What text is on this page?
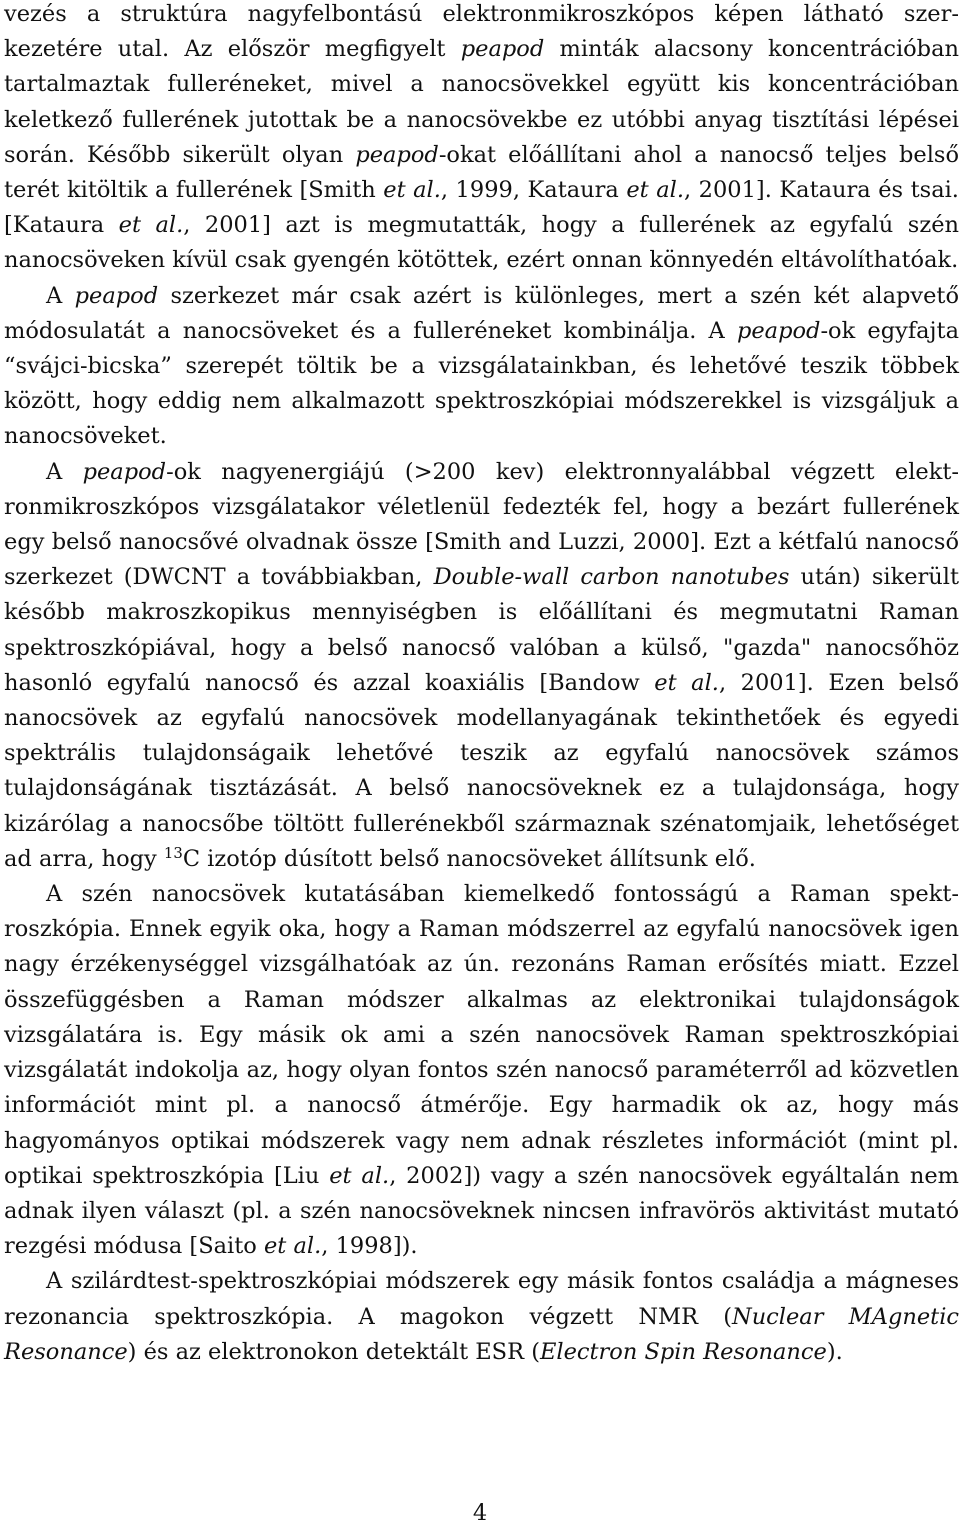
vezés a struktúra nagyfelbontású elektronmikroszkópos képen látható szerkezetére utal. Az először megfigyelt peapod minták alacsony koncentrációban tartalmaztak fulleréneket, mivel a nanocsövekkel együtt kis koncentrációban keletkező fullerének jutottak be a nanocsövekbe ez utóbbi anyag tisztítási lépései során. Később sikerült olyan peapod-okat előállítani ahol a nanocső teljes belső terét kitöltik a fullerének [Smith et al., 1999, Kataura et al., 2001]. Kataura és tsai. [Kataura et al., 2001] azt is megmutatták, hogy a fullerének az egyfalú szén nanocsöveken kívül csak gyengén kötöttek, ezért onnan könnyedén eltávolíthatóak.

A peapod szerkezet már csak azért is különleges, mert a szén két alapvető módosulatát a nanocsöveket és a fulleréneket kombinálja. A peapod-ok egyfajta “svájci-bicska” szerepét töltik be a vizsgálatainkban, és lehetővé teszik többek között, hogy eddig nem alkalmazott spektroszkópiai módszerekkel is vizsgáljuk a nanocsöveket.

A peapod-ok nagyenergiájú (>200 kev) elektronnyalábbal végzett elektronmikroszkópos vizsgálatakor véletlenül fedezték fel, hogy a bezárt fullerének egy belső nanocsővé olvadnak össze [Smith and Luzzi, 2000]. Ezt a kétfalú nanocső szerkezet (DWCNT a továbbiakban, Double-wall carbon nanotubes után) sikerült később makroszkopikus mennyiségben is előállítani és megmutatni Raman spektroszkópiával, hogy a belső nanocső valóban a külső, "gazda" nanocsőhöz hasonló egyfalú nanocső és azzal koaxiális [Bandow et al., 2001]. Ezen belső nanocsövek az egyfalú nanocsövek modellanyagának tekinthetőek és egyedi spektrális tulajdonságaik lehetővé teszik az egyfalú nanocsövek számos tulajdonságának tisztázását. A belső nanocsöveknek ez a tulajdonsága, hogy kizárólag a nanocsőbe töltött fullerénekből származnak szénatomjaik, lehetőséget ad arra, hogy $^{13}$C izotóp dúsított belső nanocsöveket állítsunk elő.

A szén nanocsövek kutatásában kiemelkedő fontosságú a Raman spektroszkópia. Ennek egyik oka, hogy a Raman módszerrel az egyfalú nanocsövek igen nagy érzékenységgel vizsgálhatóak az ún. rezonáns Raman erősítés miatt. Ezzel összefüggésben a Raman módszer alkalmas az elektronikai tulajdonságok vizsgálatára is. Egy másik ok ami a szén nanocsövek Raman spektroszkópiai vizsgálatát indokolja az, hogy olyan fontos szén nanocső paraméterről ad közvetlen információt mint pl. a nanocső átmérője. Egy harmadik ok az, hogy más hagyományos optikai módszerek vagy nem adnak részletes információt (mint pl. optikai spektroszkópia [Liu et al., 2002]) vagy a szén nanocsövek egyáltalán nem adnak ilyen választ (pl. a szén nanocsöveknek nincsen infravörös aktivitást mutató rezgési módusa [Saito et al., 1998]).

A szilárdtest-spektroszkópiai módszerek egy másik fontos családja a mágneses rezonancia spektroszkópia. A magokon végzett NMR (Nuclear MAgnetic Resonance) és az elektronokon detektált ESR (Electron Spin Resonance).

4
